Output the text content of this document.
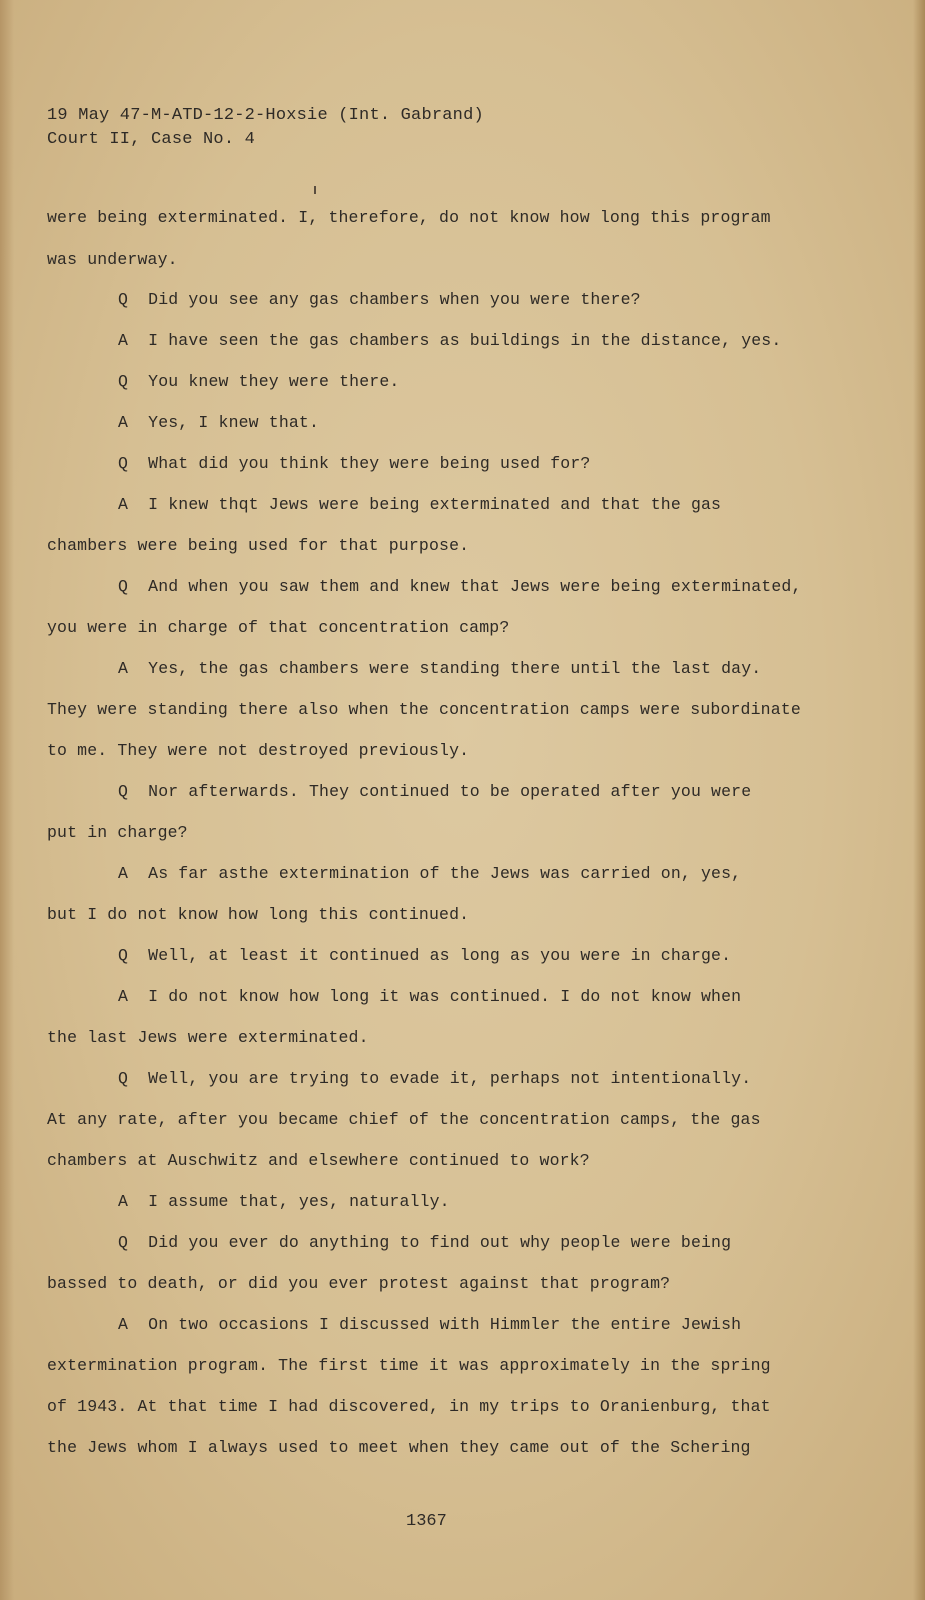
19 May 47-M-ATD-12-2-Hoxsie (Int. Gabrand)
Court II, Case No. 4
were being exterminated. I, therefore, do not know how long this program
was underway.
Q  Did you see any gas chambers when you were there?
A  I have seen the gas chambers as buildings in the distance, yes.
Q  You knew they were there.
A  Yes, I knew that.
Q  What did you think they were being used for?
A  I knew thqt Jews were being exterminated and that the gas
chambers were being used for that purpose.
Q  And when you saw them and knew that Jews were being exterminated,
you were in charge of that concentration camp?
A  Yes, the gas chambers were standing there until the last day.
They were standing there also when the concentration camps were subordinate
to me. They were not destroyed previously.
Q  Nor afterwards. They continued to be operated after you were
put in charge?
A  As far asthe extermination of the Jews was carried on, yes,
but I do not know how long this continued.
Q  Well, at least it continued as long as you were in charge.
A  I do not know how long it was continued. I do not know when
the last Jews were exterminated.
Q  Well, you are trying to evade it, perhaps not intentionally.
At any rate, after you became chief of the concentration camps, the gas
chambers at Auschwitz and elsewhere continued to work?
A  I assume that, yes, naturally.
Q  Did you ever do anything to find out why people were being
bassed to death, or did you ever protest against that program?
A  On two occasions I discussed with Himmler the entire Jewish
extermination program. The first time it was approximately in the spring
of 1943. At that time I had discovered, in my trips to Oranienburg, that
the Jews whom I always used to meet when they came out of the Schering
1367
